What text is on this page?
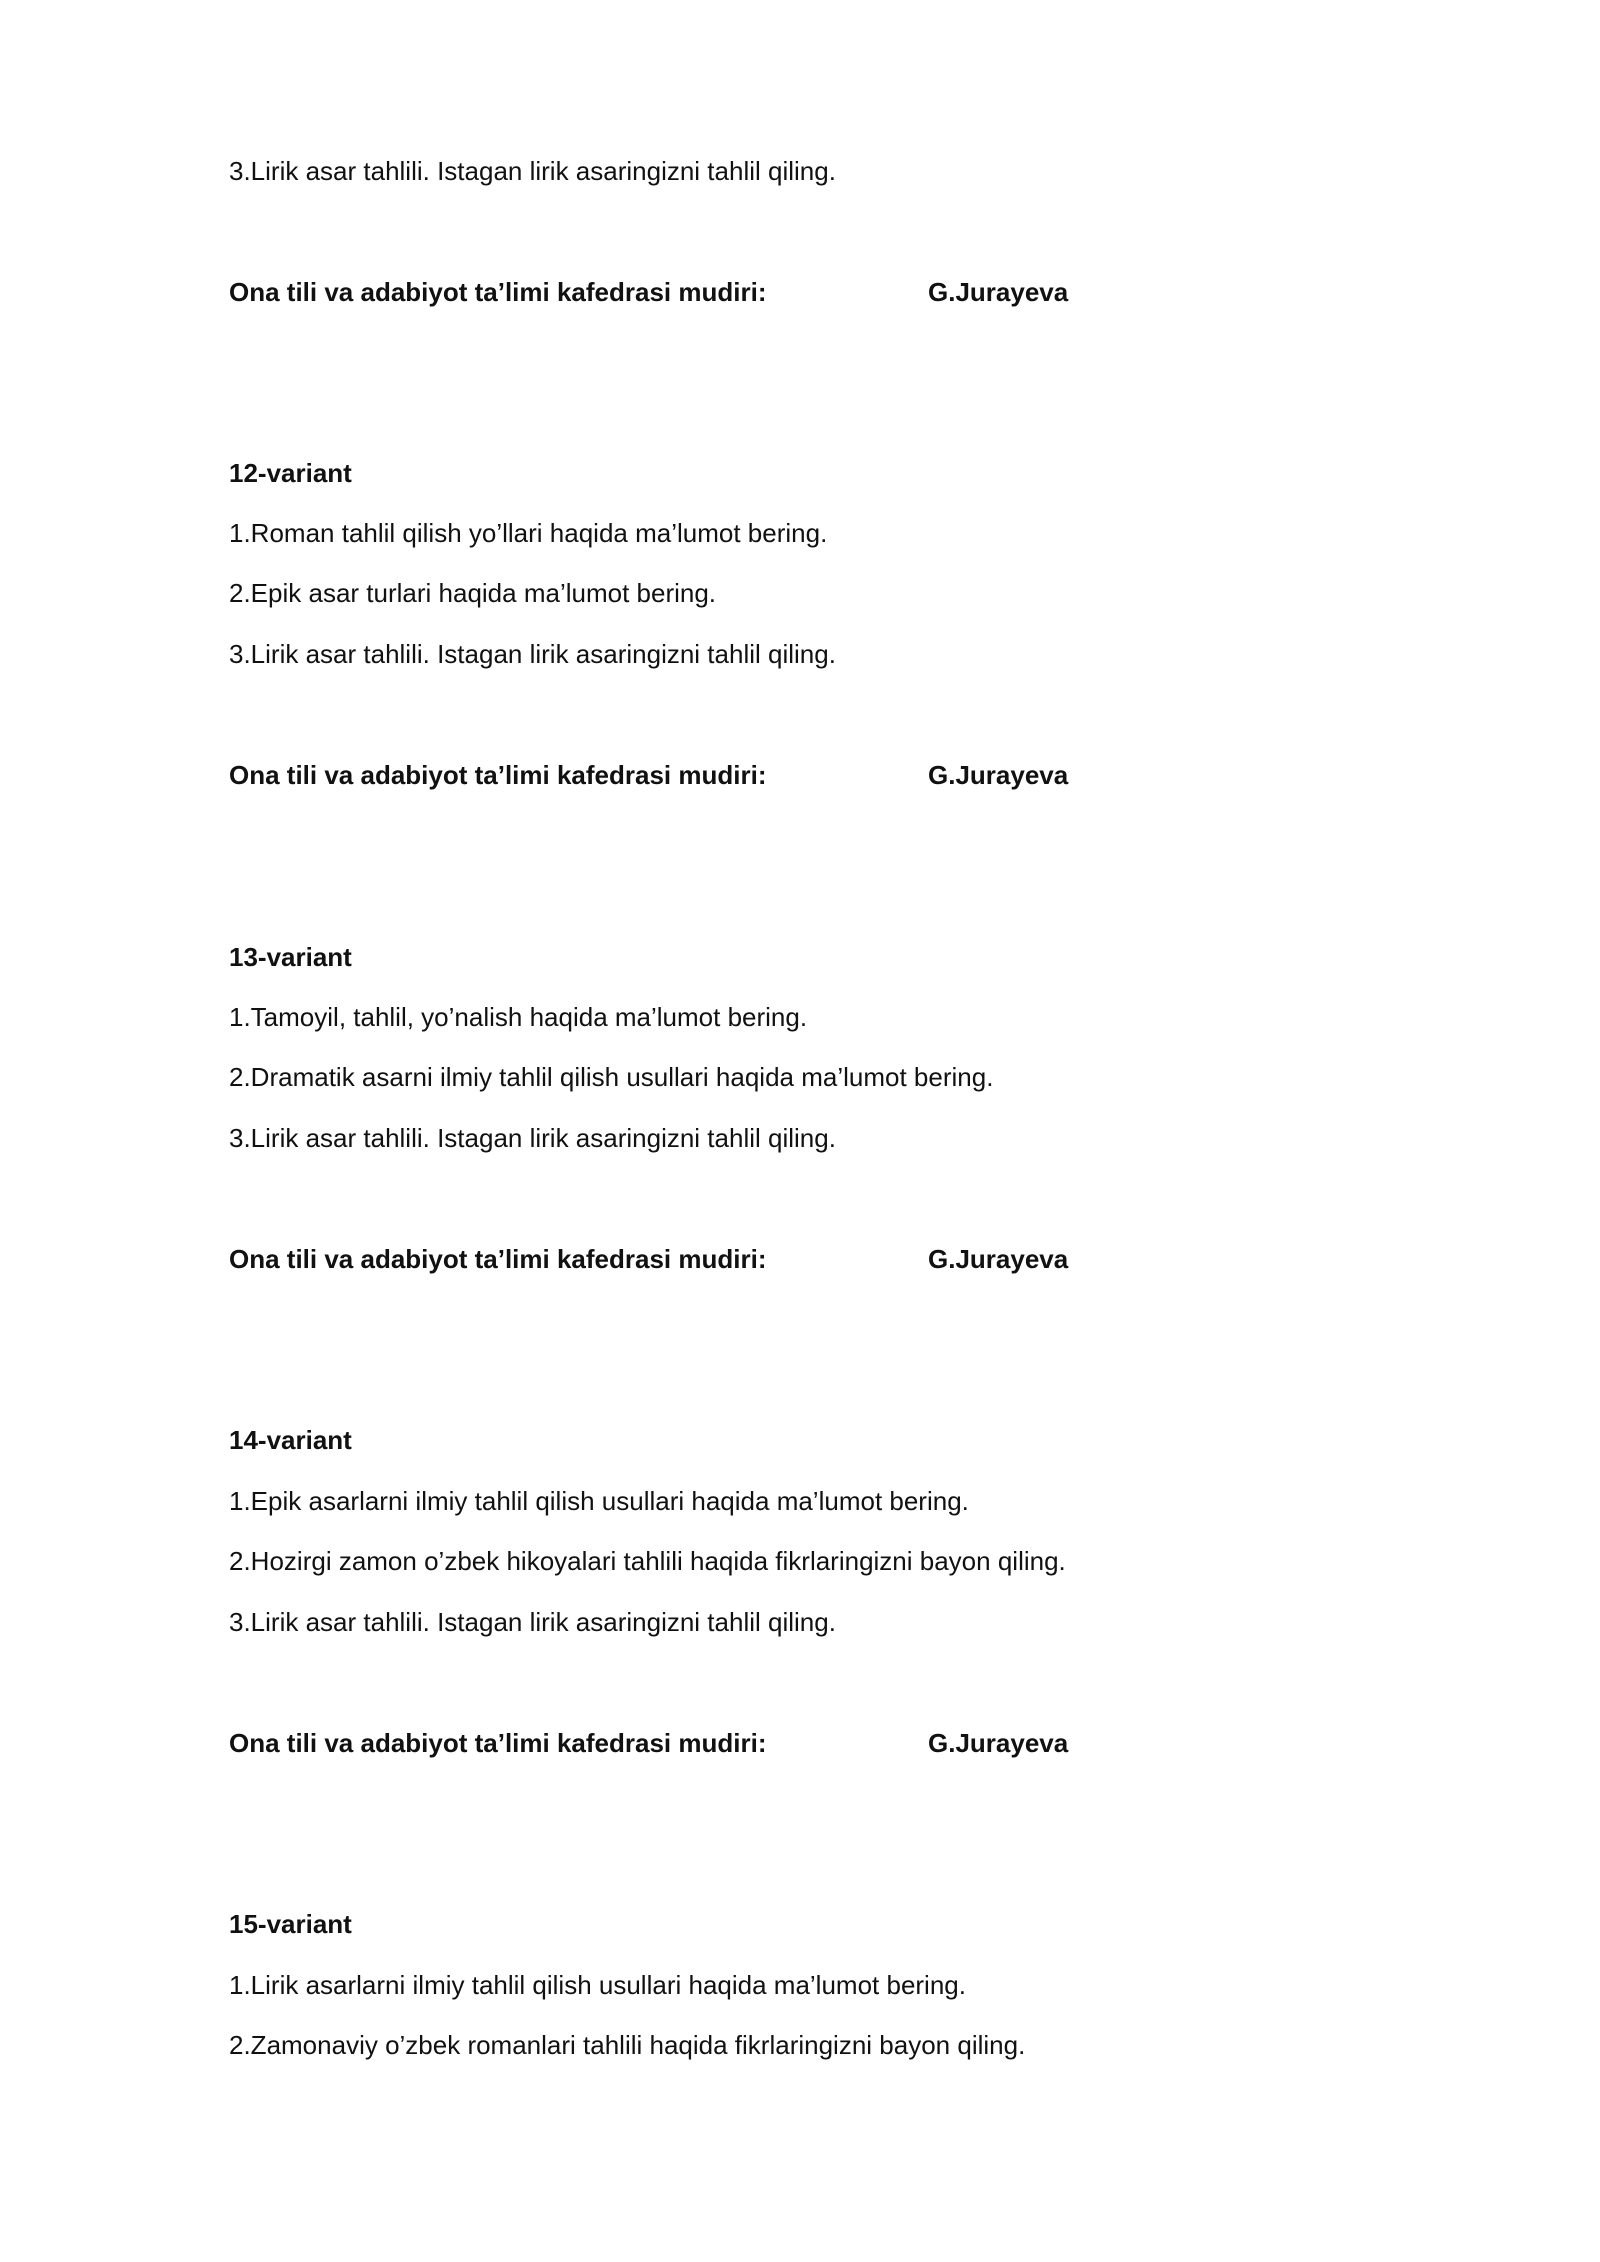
3.Lirik asar tahlili. Istagan lirik asaringizni tahlil qiling.
Ona tili va adabiyot ta’limi kafedrasi mudiri:	G.Jurayeva
12-variant
1.Roman tahlil qilish yo’llari haqida ma’lumot bering.
2.Epik asar turlari haqida ma’lumot bering.
3.Lirik asar tahlili. Istagan lirik asaringizni tahlil qiling.
Ona tili va adabiyot ta’limi kafedrasi mudiri:	G.Jurayeva
13-variant
1.Tamoyil, tahlil, yo’nalish haqida ma’lumot bering.
2.Dramatik asarni ilmiy tahlil qilish usullari haqida ma’lumot bering.
3.Lirik asar tahlili. Istagan lirik asaringizni tahlil qiling.
Ona tili va adabiyot ta’limi kafedrasi mudiri:	G.Jurayeva
14-variant
1.Epik asarlarni ilmiy tahlil qilish usullari haqida ma’lumot bering.
2.Hozirgi zamon o’zbek hikoyalari tahlili haqida fikrlaringizni bayon qiling.
3.Lirik asar tahlili. Istagan lirik asaringizni tahlil qiling.
Ona tili va adabiyot ta’limi kafedrasi mudiri:	G.Jurayeva
15-variant
1.Lirik asarlarni ilmiy tahlil qilish usullari haqida ma’lumot bering.
2.Zamonaviy o’zbek romanlari tahlili haqida fikrlaringizni bayon qiling.
